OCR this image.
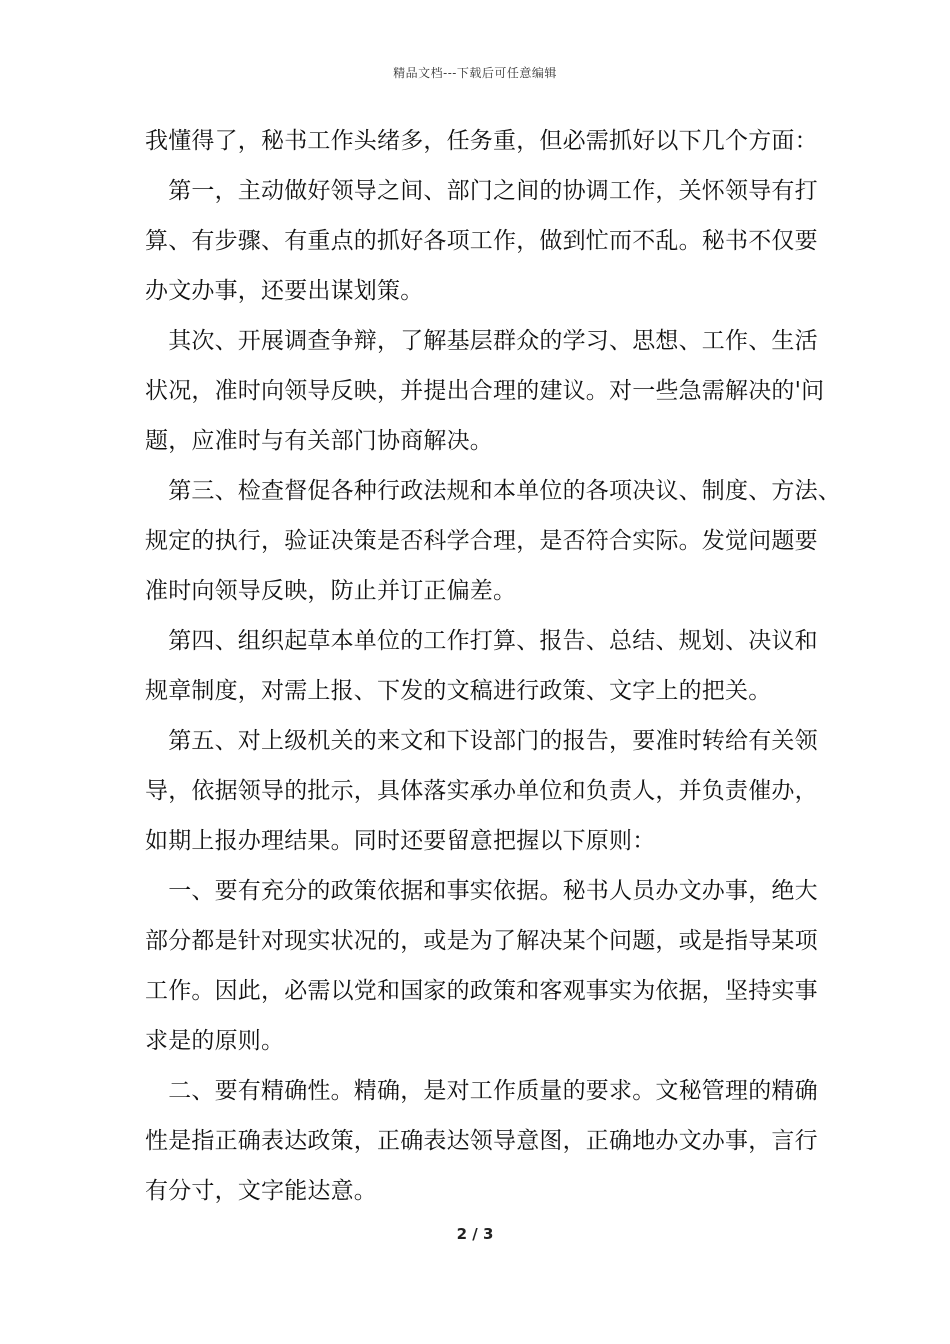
精品文档---下载后可任意编辑
我懂得了，秘书工作头绪多，任务重，但必需抓好以下几个方面：
　第一，主动做好领导之间、部门之间的协调工作，关怀领导有打
算、有步骤、有重点的抓好各项工作，做到忙而不乱。秘书不仅要
办文办事，还要出谋划策。
　其次、开展调查争辩，了解基层群众的学习、思想、工作、生活
状况，准时向领导反映，并提出合理的建议。对一些急需解决的'问
题，应准时与有关部门协商解决。
　第三、检查督促各种行政法规和本单位的各项决议、制度、方法、
规定的执行，验证决策是否科学合理，是否符合实际。发觉问题要
准时向领导反映，防止并订正偏差。
　第四、组织起草本单位的工作打算、报告、总结、规划、决议和
规章制度，对需上报、下发的文稿进行政策、文字上的把关。
　第五、对上级机关的来文和下设部门的报告，要准时转给有关领
导，依据领导的批示，具体落实承办单位和负责人，并负责催办，
如期上报办理结果。同时还要留意把握以下原则：
　一、要有充分的政策依据和事实依据。秘书人员办文办事，绝大
部分都是针对现实状况的，或是为了解决某个问题，或是指导某项
工作。因此，必需以党和国家的政策和客观事实为依据，坚持实事
求是的原则。
　二、要有精确性。精确，是对工作质量的要求。文秘管理的精确
性是指正确表达政策，正确表达领导意图，正确地办文办事，言行
有分寸，文字能达意。
2 / 3
